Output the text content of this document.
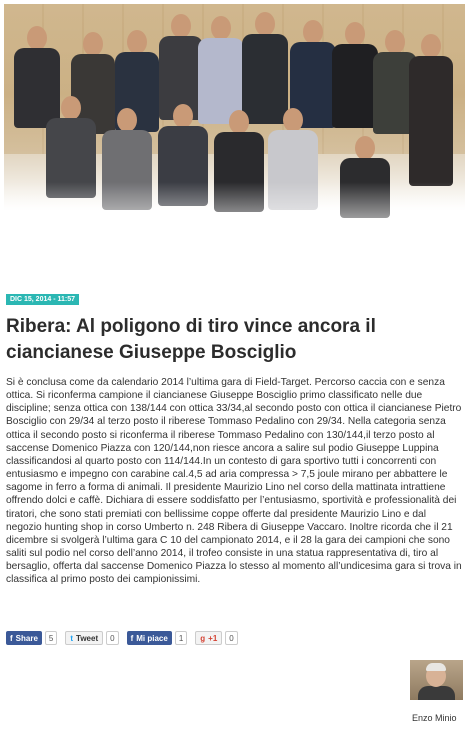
DIC 15, 2014 - 11:57
Ribera: Al poligono di tiro vince ancora il ciancianese Giuseppe Bosciglio
Si è conclusa come da calendario 2014 l’ultima gara di Field-Target. Percorso caccia con e senza ottica. Si riconferma campione il ciancianese Giuseppe Bosciglio primo classificato nelle due discipline; senza ottica con 138/144 con ottica 33/34,al secondo posto con ottica il ciancianese Pietro Bosciglio con 29/34 al terzo posto il riberese Tommaso Pedalino con 29/34. Nella categoria senza ottica il secondo posto si riconferma il riberese Tommaso Pedalino con 130/144,il terzo posto al saccense Domenico Piazza con 120/144,non riesce ancora a salire sul podio Giuseppe Luppina classificandosi al quarto posto con 114/144.In un contesto di gara sportivo tutti i concorrenti con entusiasmo e impegno con carabine cal.4,5 ad aria compressa > 7,5 joule mirano per abbattere le sagome in ferro a forma di animali. Il presidente Maurizio Lino nel corso della mattinata intrattiene offrendo dolci e caffè. Dichiara di essere soddisfatto per l’entusiasmo, sportività e professionalità dei tiratori, che sono stati premiati con bellissime coppe offerte dal presidente Maurizio Lino e dal negozio hunting shop in corso Umberto n. 248 Ribera di Giuseppe Vaccaro. Inoltre ricorda che il 21 dicembre si svolgerà l’ultima gara C 10 del campionato 2014, e il 28 la gara dei campioni che sono saliti sul podio nel corso dell’anno 2014, il trofeo consiste in una statua rappresentativa di, tiro al bersaglio, offerta dal saccense Domenico Piazza lo stesso al momento all’undicesima gara si trova in classifica al primo posto dei campionissimi.
f Share	5	t Tweet	0	f Mi piace	1	g +1	0
Enzo Minio
